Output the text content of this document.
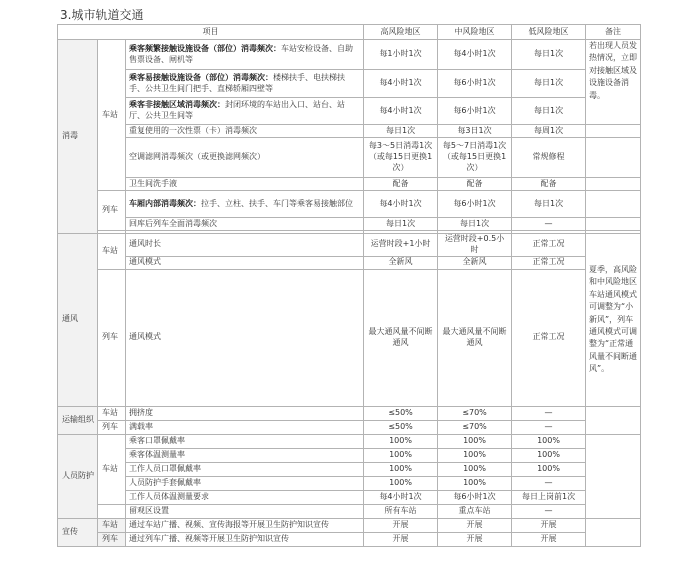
3.城市轨道交通
项目			高风险地区	中风险地区	低风险地区	备注
消毒	车站	乘客频繁接触设施设备（部位）消毒频次：车站安检设备、自助售票设备、闸机等	每1小时1次	每4小时1次	每日1次	若出现人员发热情况，立即对接触区域及设施设备消毒。
		乘客易接触设施设备（部位）消毒频次：楼梯扶手、电扶梯扶手、公共卫生间门把手、直梯轿厢四壁等	每4小时1次	每6小时1次	每日1次	
		乘客非接触区域消毒频次：封闭环境的车站出入口、站台、站厅、公共卫生间等	每4小时1次	每6小时1次	每日1次	
		重复使用的一次性票（卡）消毒频次	每日1次	每3日1次	每周1次	
		空调滤网消毒频次（或更换滤网频次）	每3～5日消毒1次（或每15日更换1次）	每5～7日消毒1次（或每15日更换1次）	常规修程	
		卫生间洗手液	配备	配备	配备	
	列车	车厢内部消毒频次：拉手、立柱、扶手、车门等乘客易接触部位	每4小时1次	每6小时1次	每日1次	
		回库后列车全面消毒频次	每日1次	每日1次	—	

通风	车站	通风时长	运营时段+1小时	运营时段+0.5小时	正常工况	夏季，高风险和中风险地区车站通风模式可调整为“小新风”，列车通风模式可调整为“正常通风量不间断通风”。
		通风模式	全新风	全新风	正常工况	
	列车	通风模式	最大通风量不间断通风	最大通风量不间断通风	正常工况	
运输组织	车站	拥挤度	≤50%	≤70%	—	
	列车	满载率	≤50%	≤70%	—	
人员防护	车站	乘客口罩佩戴率	100%	100%	100%	
		乘客体温测量率	100%	100%	100%	
		工作人员口罩佩戴率	100%	100%	100%	
		人员防护手套佩戴率	100%	100%	—	
		工作人员体温测量要求	每4小时1次	每6小时1次	每日上岗前1次	
		留观区设置	所有车站	重点车站	—	
宣传	车站	通过车站广播、视频、宣传海报等开展卫生防护知识宣传	开展	开展	开展	
	列车	通过列车广播、视频等开展卫生防护知识宣传	开展	开展	开展	
